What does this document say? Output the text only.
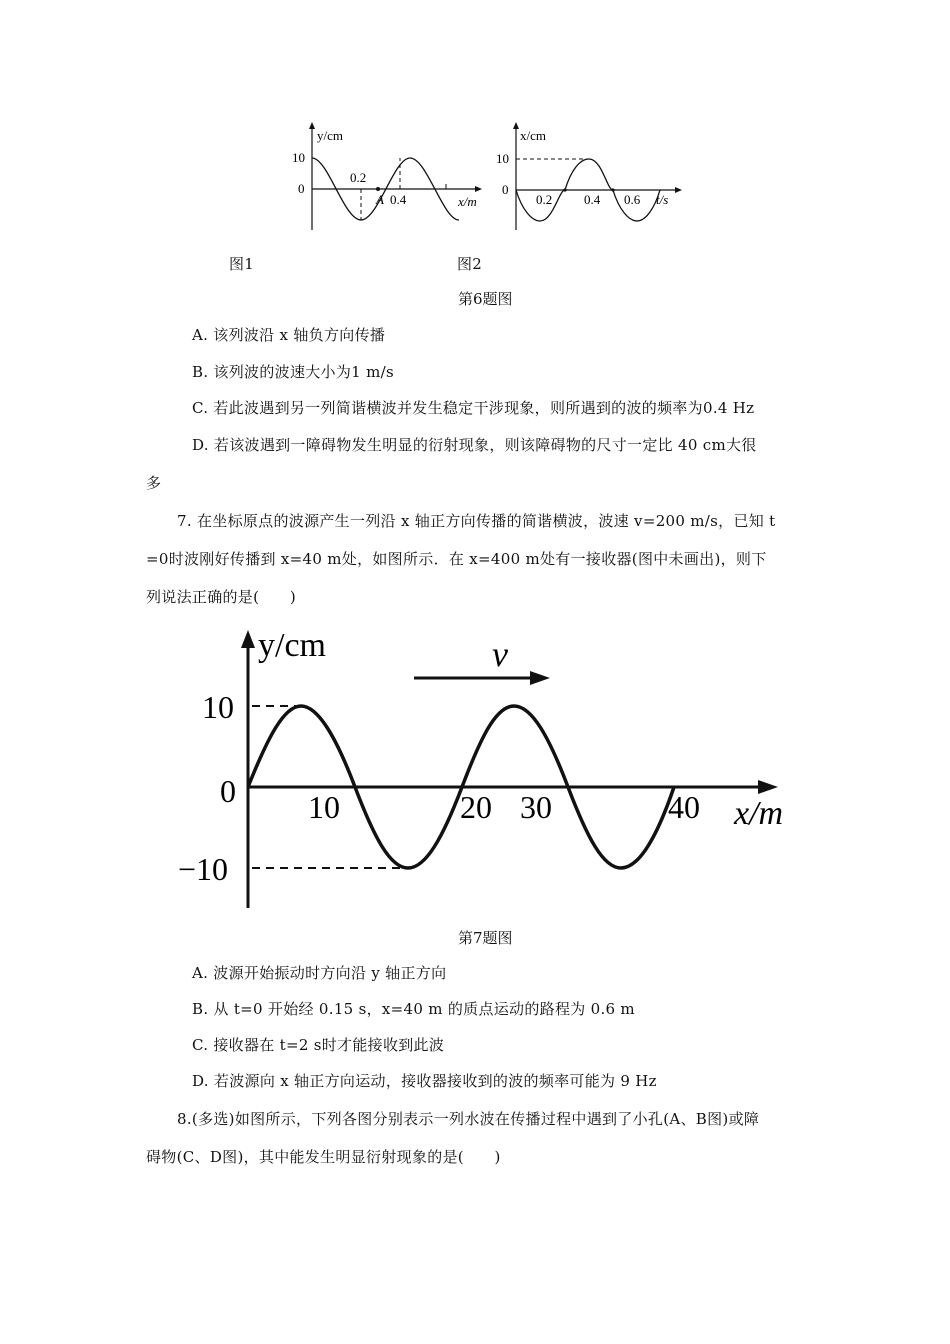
y/cm
10
0
0.2
A 0.4	x/m
x/cm
10
0
0.2 0.4 0.6 t/s
图1	图2
第6题图
A. 该列波沿 x 轴负方向传播
B. 该列波的波速大小为1 m/s
C. 若此波遇到另一列简谐横波并发生稳定干涉现象，则所遇到的波的频率为0.4 Hz
D. 若该波遇到一障碍物发生明显的衍射现象，则该障碍物的尺寸一定比 40 cm大很
多
7. 在坐标原点的波源产生一列沿 x 轴正方向传播的简谐横波，波速 v=200 m/s，已知 t
=0时波刚好传播到 x=40 m处，如图所示．在 x=400 m处有一接收器(图中未画出)，则下
列说法正确的是(　　)
v
y/cm
10
0
−10
10	20 30	40 x/m
第7题图
A. 波源开始振动时方向沿 y 轴正方向
B. 从 t=0 开始经 0.15 s，x=40 m 的质点运动的路程为 0.6 m
C. 接收器在 t=2 s时才能接收到此波
D. 若波源向 x 轴正方向运动，接收器接收到的波的频率可能为 9 Hz
8.(多选)如图所示，下列各图分别表示一列水波在传播过程中遇到了小孔(A、B图)或障
碍物(C、D图)，其中能发生明显衍射现象的是(　　)
